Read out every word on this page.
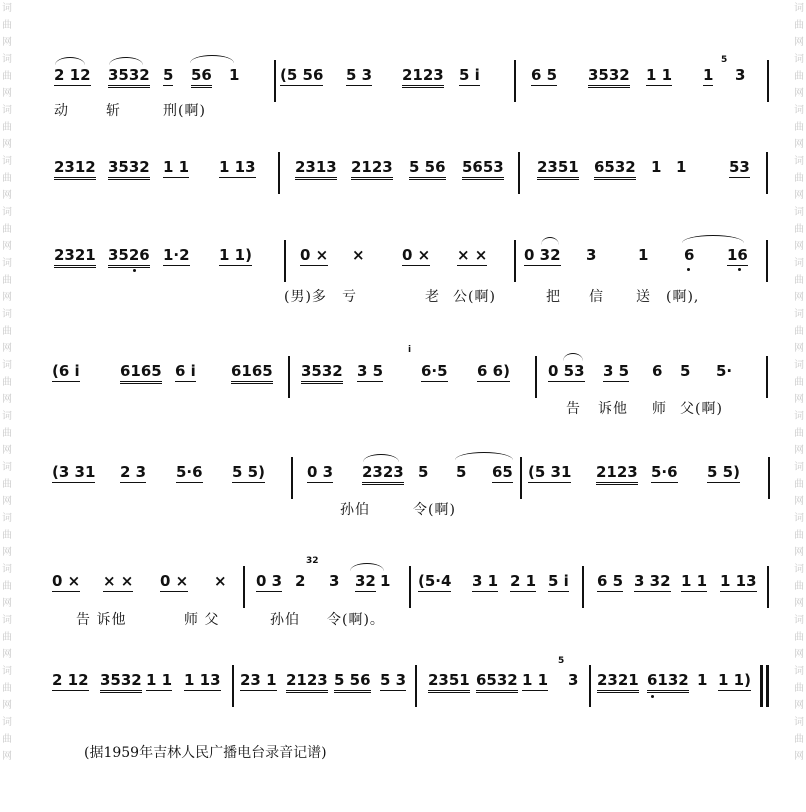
词
曲
网
词
曲
网
词
曲
网
词
曲
网
词
曲
网
词
曲
网
词
曲
网
词
曲
网
词
曲
网
词
曲
网
词
曲
网
词
曲
网
词
曲
网
词
曲
网
词
曲
网
词
曲
网
词
曲
网
词
曲
网
词
曲
网
词
曲
网
词
曲
网
词
曲
网
词
曲
网
词
曲
网
词
曲
网
词
曲
网
词
曲
网
词
曲
网
词
曲
网
词
曲
网
2 12 3532 5 56 1	(5 56 5 3 2123 5 i	6 5 3532 1 1 1
5
3
动	斩	刑(啊)
2312 3532 1 1 1 13	2313 2123 5 56 5653 2351 6532 1 1	53
2321 3526 1·2 1 1)	0 × × 0 × × × 0 32 3	1 6 16
(男)多 亏	老 公(啊)	把 信 送 (啊),
(6 i	6165 6 i 6165 3532 3 5
i
6·5 6 6)	0 53 3 5 6 5 5·
告 诉他 师 父(啊)
(3 31 2 3 5·6 5 5)	0 3 2323 5 5 65 (5 31 2123 5·6 5 5)
孙伯	令(啊)
0 × × × 0 × × 0 3 2
32
3 32 1 (5·4 3 1 2 1 5 i 6 5 3 32 1 1 1 13
告 诉他	师 父	孙伯 令(啊)。
2 12 3532 1 1 1 13 23 1 2123 5 56 5 3 2351 6532 1 1
5
3 2321 6132 1 1 1)
(据1959年吉林人民广播电台录音记谱)
